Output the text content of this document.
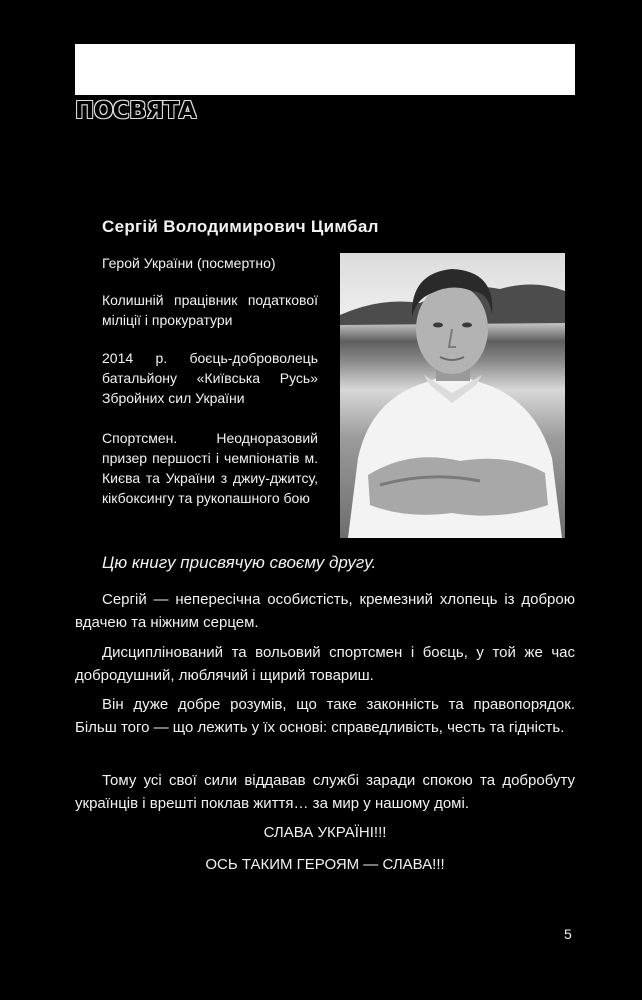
ПОСВЯТА
Сергій Володимирович Цимбал

Герой України (посмертно)

Колишній працівник податкової міліції і прокуратури

2014 р. боєць-доброволець батальйону «Київська Русь» Збройних сил України

Спортсмен. Неодноразовий призер першості і чемпіонатів м. Києва та України з джиу-джитсу, кікбоксингу та рукопашного бою

Цю книгу присвячую своєму другу.

Сергій — непересічна особистість, кремезний хлопець із доброю вдачею та ніжним серцем.

Дисциплінований та вольовий спортсмен і боєць, у той же час добродушний, люблячий і щирий товариш.

Він дуже добре розумів, що таке законність та правопорядок. Більш того — що лежить у їх основі: справедливість, честь та гідність.

Тому усі свої сили віддавав службі заради спокою та добробуту українців і врешті поклав життя… за мир у нашому домі.

СЛАВА УКРАЇНІ!!!

ОСЬ ТАКИМ ГЕРОЯМ — СЛАВА!!!

5
